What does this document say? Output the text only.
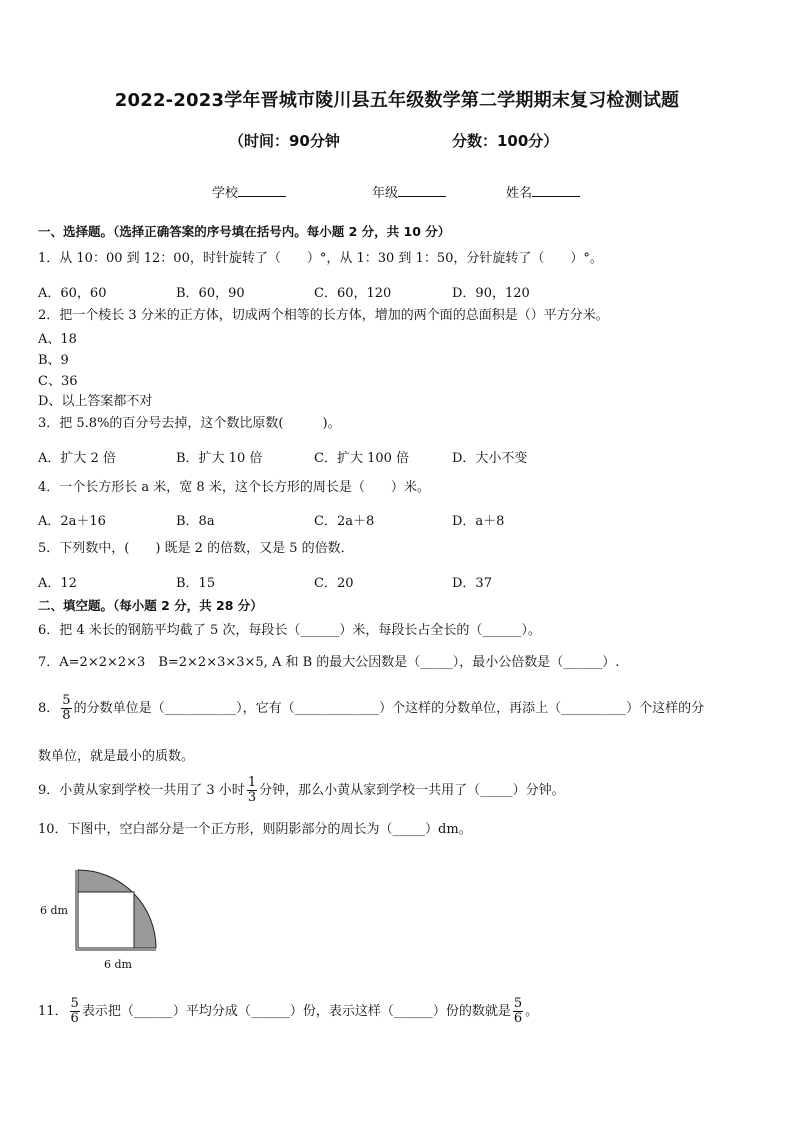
2022-2023学年晋城市陵川县五年级数学第二学期期末复习检测试题
（时间：90分钟	分数：100分）
学校	年级	姓名
一、选择题。（选择正确答案的序号填在括号内。每小题 2 分，共 10 分）
1．从 10：00 到 12：00，时针旋转了（　　）°，从 1：30 到 1：50，分针旋转了（　　）°。
A．60，60	B．60，90	C．60，120	D．90，120
2．把一个棱长 3 分米的正方体，切成两个相等的长方体，增加的两个面的总面积是（）平方分米。
A、18
B、9
C、36
D、以上答案都不对
3．把 5.8%的百分号去掉，这个数比原数(　　　)。
A．扩大 2 倍	B．扩大 10 倍	C．扩大 100 倍	D．大小不变
4．一个长方形长 a 米，宽 8 米，这个长方形的周长是（　　）米。
A．2a＋16	B．8a	C．2a＋8	D．a＋8
5．下列数中，(　　) 既是 2 的倍数，又是 5 的倍数．
A．12	B．15	C．20	D．37
二、填空题。（每小题 2 分，共 28 分）
6．把 4 米长的钢筋平均截了 5 次，每段长（______）米，每段长占全长的（______）。
7．A=2×2×2×3　B=2×2×3×3×5, A 和 B 的最大公因数是（_____），最小公倍数是（______）.
8． $\frac{5}{8}$ 的分数单位是（___________），它有（_____________）个这样的分数单位，再添上（__________）个这样的分
数单位，就是最小的质数。
9．小黄从家到学校一共用了 3 小时 $\frac{1}{3}$ 分钟，那么小黄从家到学校一共用了（_____）分钟。
10．下图中，空白部分是一个正方形，则阴影部分的周长为（_____）dm。
6 dm
6 dm
11． $\frac{5}{6}$ 表示把（______）平均分成（______）份，表示这样（______）份的数就是 $\frac{5}{6}$ 。
